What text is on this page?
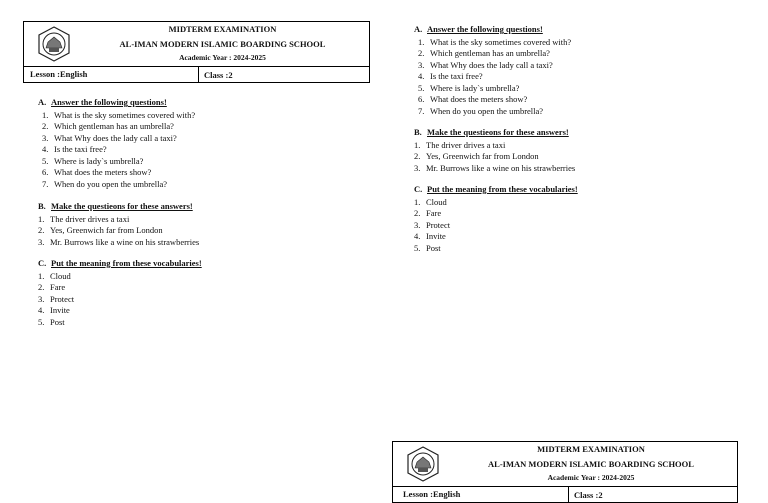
MIDTERM EXAMINATION
AL-IMAN MODERN ISLAMIC BOARDING SCHOOL
Academic Year : 2024-2025
Lesson :English	Class :2
A. Answer the following questions!
1. What is the sky sometimes covered with?
2. Which gentleman has an umbrella?
3. What Why does the lady call a taxi?
4. Is the taxi free?
5. Where is lady`s umbrella?
6. What does the meters show?
7. When do you open the umbrella?
B. Make the questieons for these answers!
1. The driver drives a taxi
2. Yes, Greenwich far from London
3. Mr. Burrows like a wine on his strawberries
C. Put the meaning from these vocabularies!
1. Cloud
2. Fare
3. Protect
4. Invite
5. Post
A. Answer the following questions!
1. What is the sky sometimes covered with?
2. Which gentleman has an umbrella?
3. What Why does the lady call a taxi?
4. Is the taxi free?
5. Where is lady`s umbrella?
6. What does the meters show?
7. When do you open the umbrella?
B. Make the questieons for these answers!
1. The driver drives a taxi
2. Yes, Greenwich far from London
3. Mr. Burrows like a wine on his strawberries
C. Put the meaning from these vocabularies!
1. Cloud
2. Fare
3. Protect
4. Invite
5. Post
MIDTERM EXAMINATION
AL-IMAN MODERN ISLAMIC BOARDING SCHOOL
Academic Year : 2024-2025
Lesson :English	Class :2
